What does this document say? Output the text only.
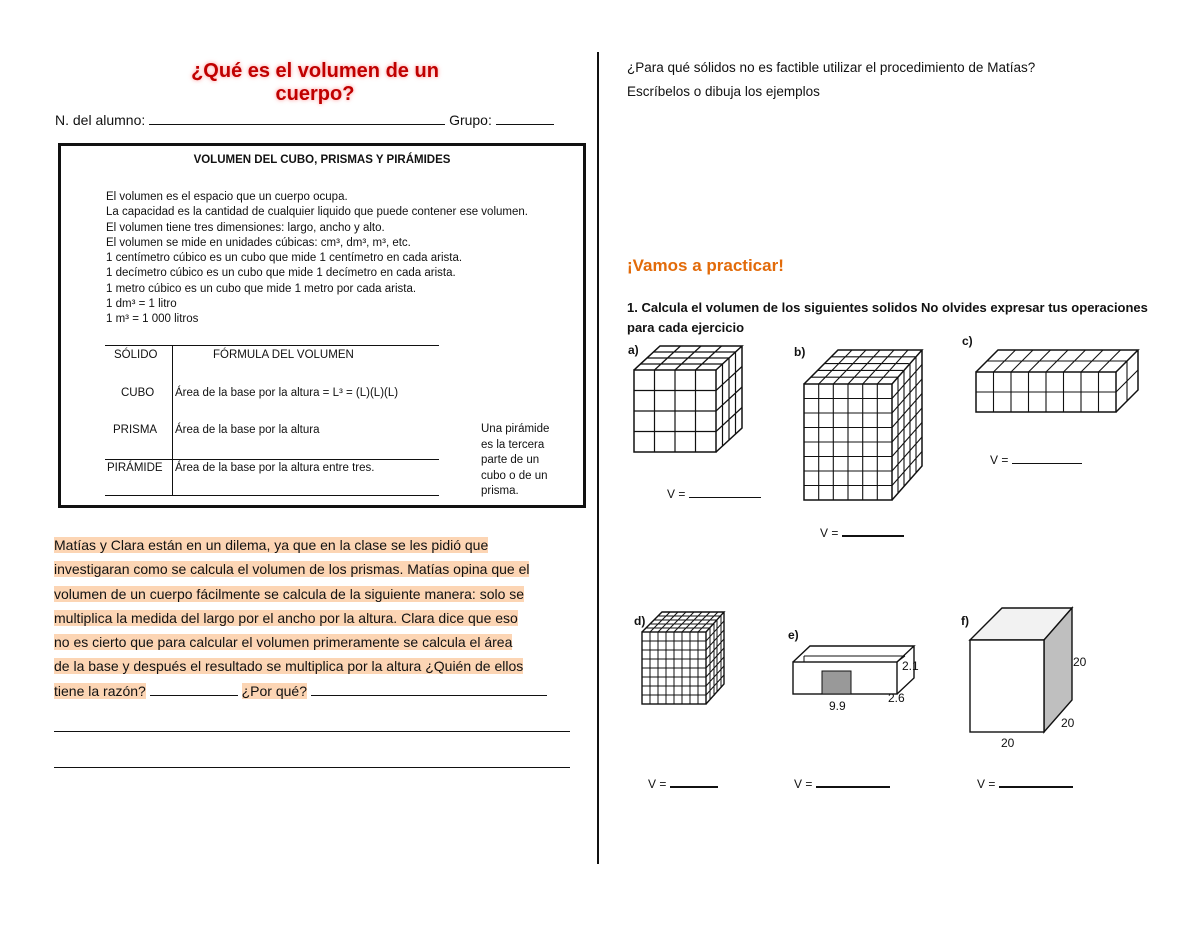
¿Qué es el volumen de un cuerpo?
N. del alumno:	Grupo:
VOLUMEN DEL CUBO, PRISMAS Y PIRÁMIDES
El volumen es el espacio que un cuerpo ocupa.
La capacidad es la cantidad de cualquier liquido que puede contener ese volumen.
El volumen tiene tres dimensiones: largo, ancho y alto.
El volumen se mide en unidades cúbicas: cm³, dm³, m³, etc.
1 centímetro cúbico es un cubo que mide 1 centímetro en cada arista.
1 decímetro cúbico es un cubo que mide 1 decímetro en cada arista.
1 metro cúbico es un cubo que mide 1 metro por cada arista.
1 dm³ = 1 litro
1 m³ = 1 000 litros
SÓLIDO	FÓRMULA DEL VOLUMEN
CUBO Área de la base por la altura = L³ = (L)(L)(L)
PRISMA Área de la base por la altura
PIRÁMIDE Área de la base por la altura entre tres.
Una pirámide
es la tercera
parte de un
cubo o de un
prisma.
Matías y Clara están en un dilema, ya que en la clase se les pidió que
investigaran como se calcula el volumen de los prismas. Matías opina que el
volumen de un cuerpo fácilmente se calcula de la siguiente manera: solo se
multiplica la medida del largo por el ancho por la altura. Clara dice que eso
no es cierto que para calcular el volumen primeramente se calcula el área
de la base y después el resultado se multiplica por la altura ¿Quién de ellos
tiene la razón?	¿Por qué?
¿Para qué sólidos no es factible utilizar el procedimiento de Matías?
Escríbelos o dibuja los ejemplos
¡Vamos a practicar!
1. Calcula el volumen de los siguientes solidos No olvides expresar tus operaciones para cada ejercicio
a)	b)
c)
d)
e)
f)
V =
V =
V =
V =
2.1
2.6
9.9
V =
20
20
20
V =
